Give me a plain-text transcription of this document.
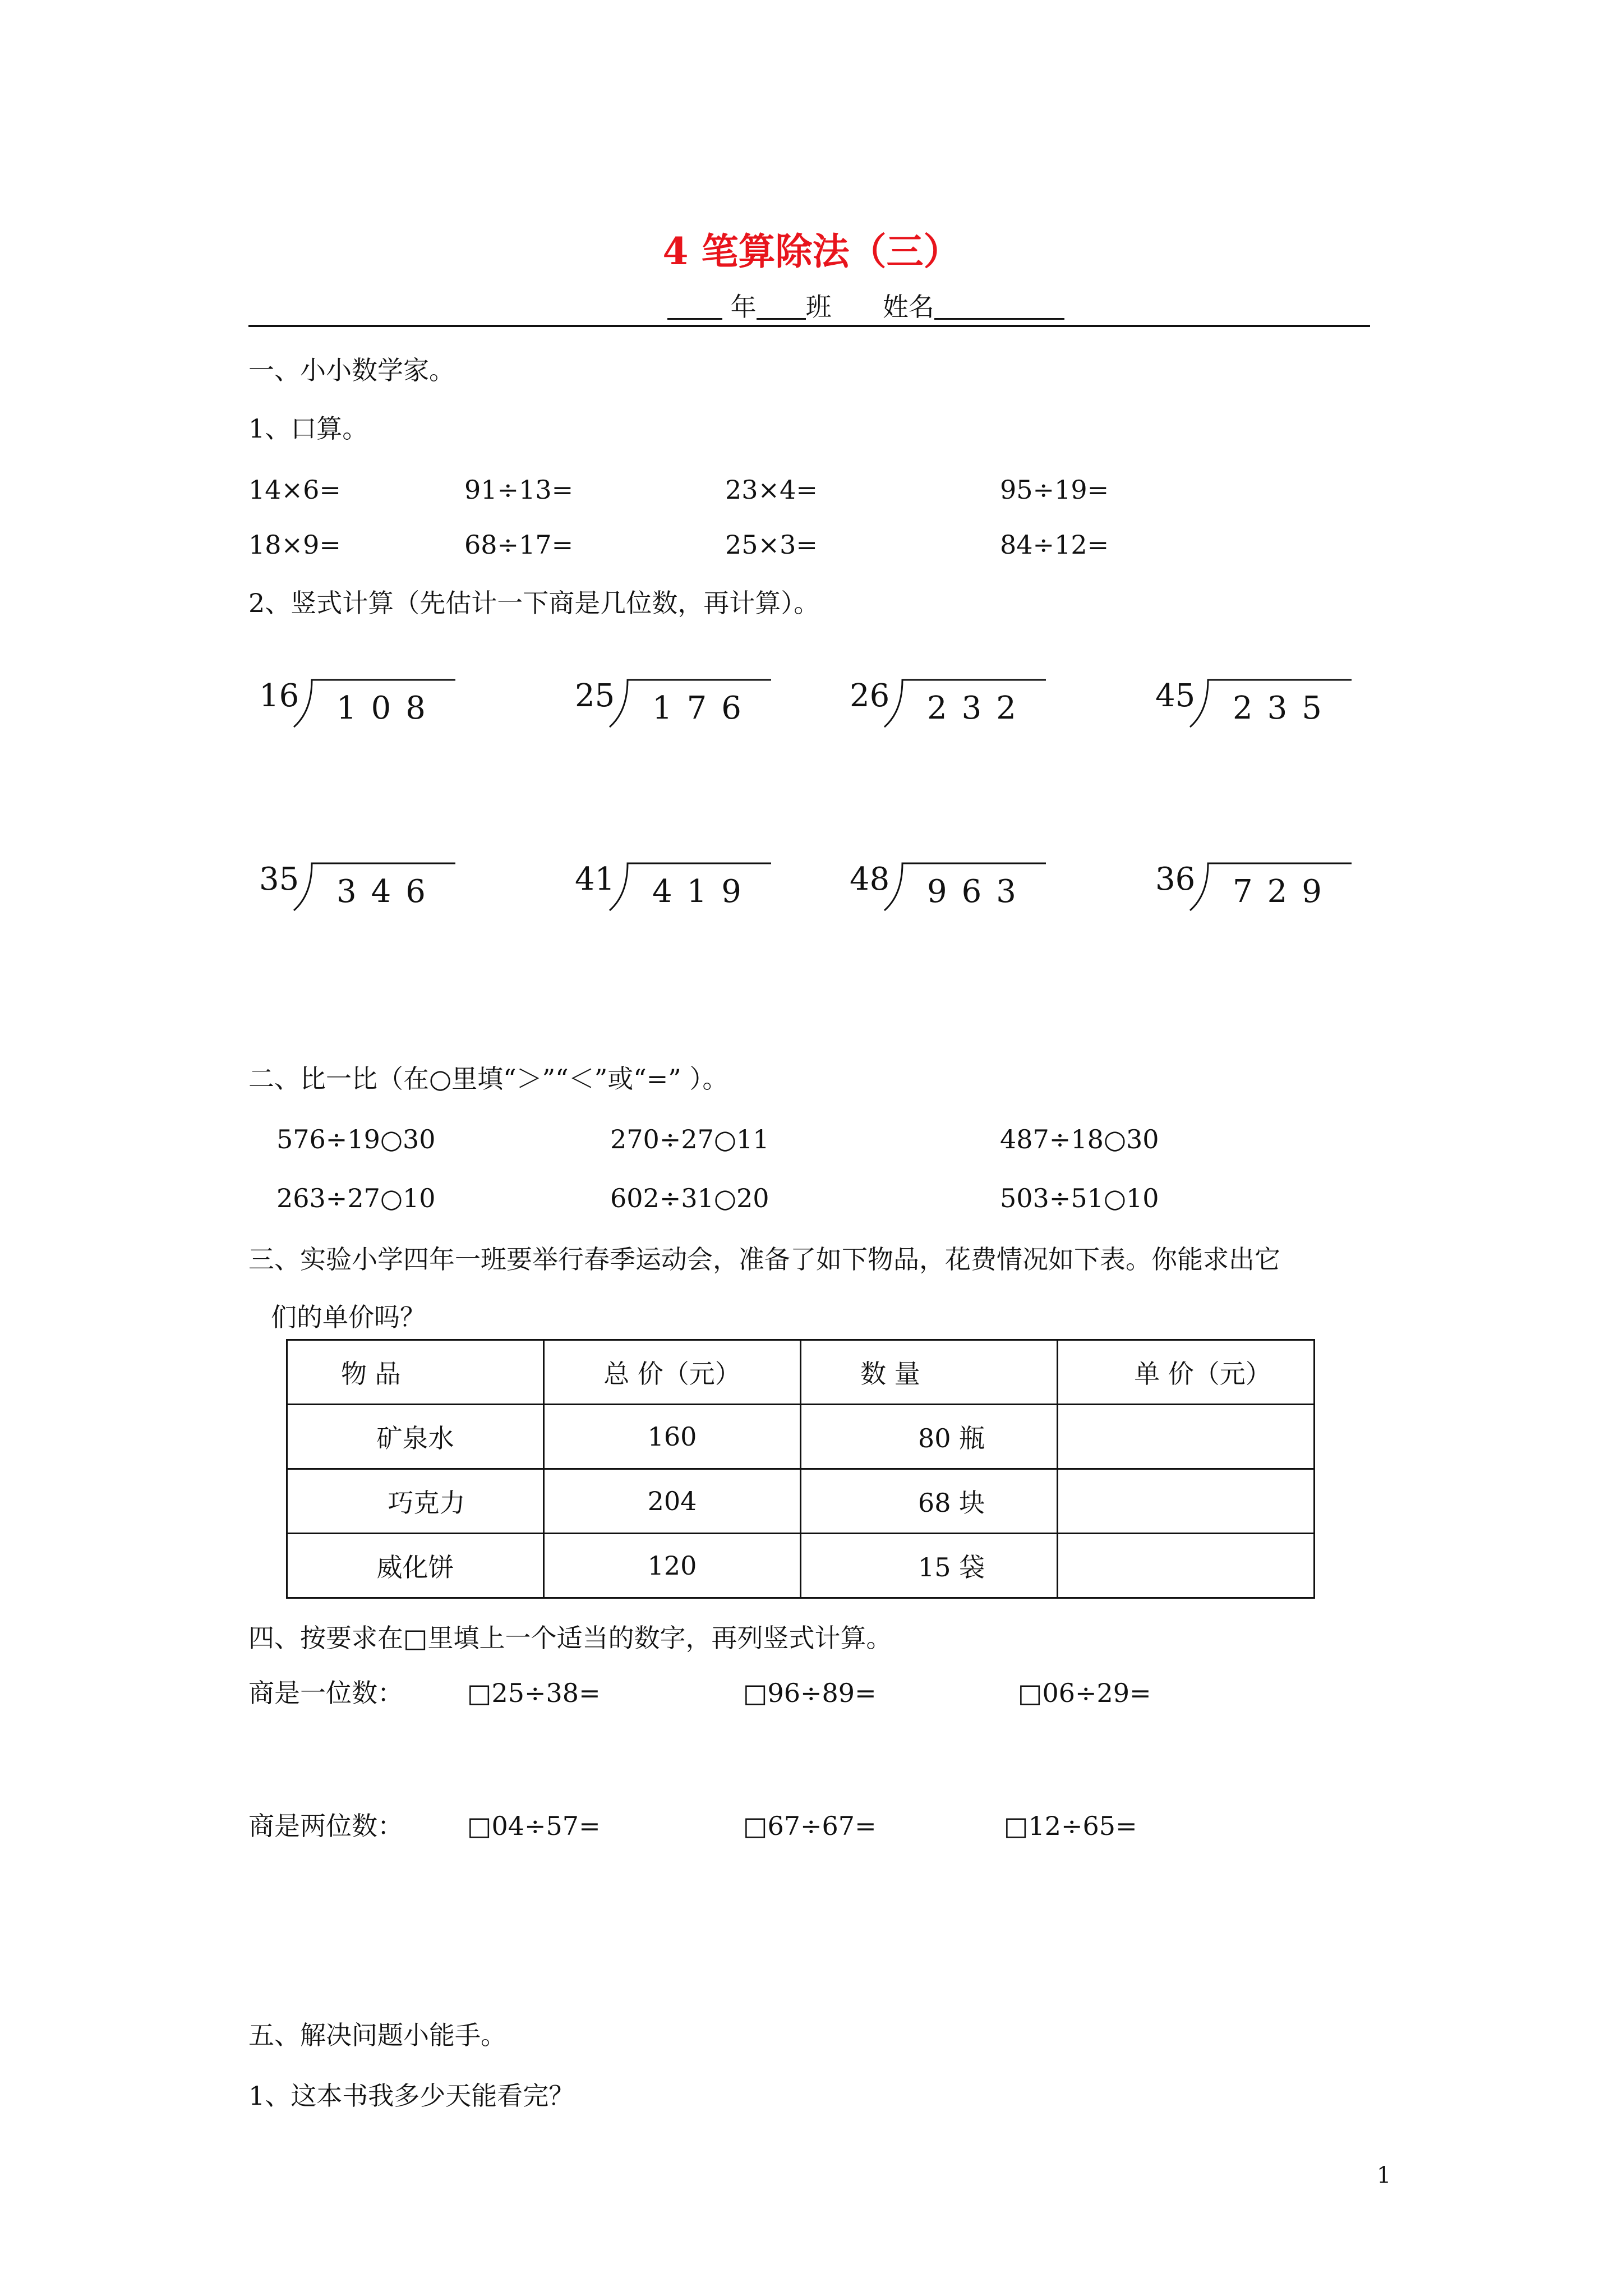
4 笔算除法（三）
年 班 姓名
一、小小数学家。
1、口算。
14×6=	91÷13=	23×4=	95÷19=
18×9=	68÷17=	25×3=	84÷12=
2、竖式计算（先估计一下商是几位数，再计算）。
16 108	25 176	26 232	45 235
35 346	41 419	48 963	36 729
二、比一比（在○里填“＞”“＜”或“=” ）。
576÷19○30	270÷27○11	487÷18○30
263÷27○10	602÷31○20	503÷51○10
三、实验小学四年一班要举行春季运动会，准备了如下物品，花费情况如下表。你能求出它
们的单价吗？
物 品	总 价（元）	数 量	单 价（元）
矿泉水	160	80 瓶	
巧克力	204	68 块	
威化饼	120	15 袋	
四、按要求在□里填上一个适当的数字，再列竖式计算。
商是一位数： □25÷38=	□96÷89=	□06÷29=
商是两位数： □04÷57=	□67÷67=	□12÷65=
五、解决问题小能手。
1、这本书我多少天能看完？
1
